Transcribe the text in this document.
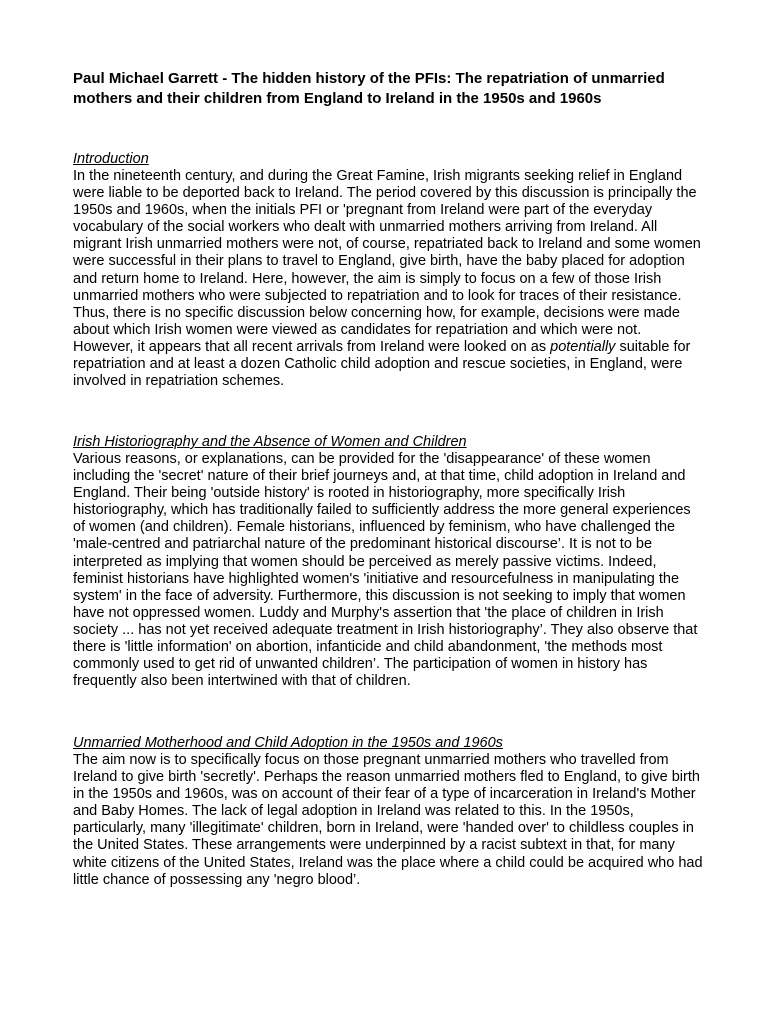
Paul Michael Garrett - The hidden history of the PFIs: The repatriation of unmarried mothers and their children from England to Ireland in the 1950s and 1960s

Introduction

In the nineteenth century, and during the Great Famine, Irish migrants seeking relief in England were liable to be deported back to Ireland. The period covered by this discussion is principally the 1950s and 1960s, when the initials PFI or 'pregnant from Ireland were part of the everyday vocabulary of the social workers who dealt with unmarried mothers arriving from Ireland. All migrant Irish unmarried mothers were not, of course, repatriated back to Ireland and some women were successful in their plans to travel to England, give birth, have the baby placed for adoption and return home to Ireland. Here, however, the aim is simply to focus on a few of those Irish unmarried mothers who were subjected to repatriation and to look for traces of their resistance. Thus, there is no specific discussion below concerning how, for example, decisions were made about which Irish women were viewed as candidates for repatriation and which were not. However, it appears that all recent arrivals from Ireland were looked on as potentially suitable for repatriation and at least a dozen Catholic child adoption and rescue societies, in England, were involved in repatriation schemes.

Irish Historiography and the Absence of Women and Children

Various reasons, or explanations, can be provided for the 'disappearance' of these women including the 'secret' nature of their brief journeys and, at that time, child adoption in Ireland and England. Their being 'outside history' is rooted in historiography, more specifically Irish historiography, which has traditionally failed to sufficiently address the more general experiences of women (and children). Female historians, influenced by feminism, who have challenged the 'male-centred and patriarchal nature of the predominant historical discourse’. It is not to be interpreted as implying that women should be perceived as merely passive victims. Indeed, feminist historians have highlighted women's 'initiative and resourcefulness in manipulating the system' in the face of adversity. Furthermore, this discussion is not seeking to imply that women have not oppressed women. Luddy and Murphy's assertion that 'the place of children in Irish society ... has not yet received adequate treatment in Irish historiography’. They also observe that there is 'little information' on abortion, infanticide and child abandonment, 'the methods most commonly used to get rid of unwanted children’. The participation of women in history has frequently also been intertwined with that of children.

Unmarried Motherhood and Child Adoption in the 1950s and 1960s

The aim now is to specifically focus on those pregnant unmarried mothers who travelled from Ireland to give birth 'secretly'. Perhaps the reason unmarried mothers fled to England, to give birth in the 1950s and 1960s, was on account of their fear of a type of incarceration in Ireland's Mother and Baby Homes. The lack of legal adoption in Ireland was related to this. In the 1950s, particularly, many 'illegitimate' children, born in Ireland, were 'handed over' to childless couples in the United States. These arrangements were underpinned by a racist subtext in that, for many white citizens of the United States, Ireland was the place where a child could be acquired who had little chance of possessing any 'negro blood’.
